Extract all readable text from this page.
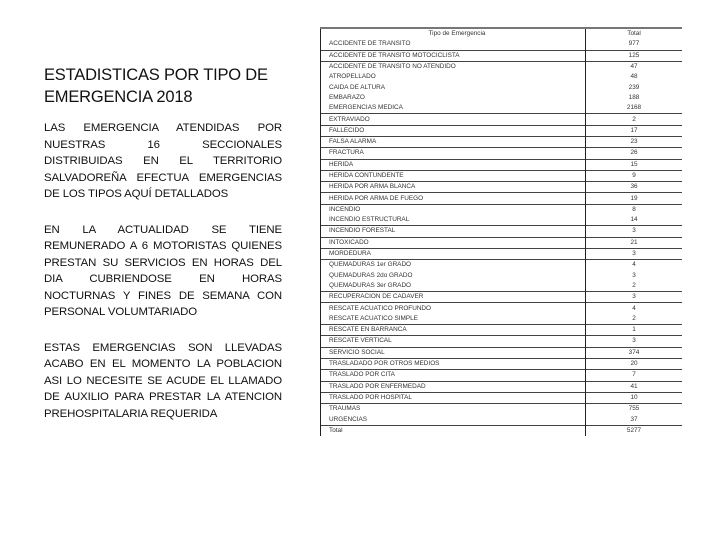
ESTADISTICAS POR TIPO DE EMERGENCIA 2018

LAS EMERGENCIA ATENDIDAS POR NUESTRAS 16 SECCIONALES DISTRIBUIDAS EN EL TERRITORIO SALVADOREÑA EFECTUA EMERGENCIAS DE LOS TIPOS AQUÍ DETALLADOS

EN LA ACTUALIDAD SE TIENE REMUNERADO A 6 MOTORISTAS QUIENES PRESTAN SU SERVICIOS EN HORAS DEL DIA CUBRIENDOSE EN HORAS NOCTURNAS Y FINES DE SEMANA CON PERSONAL VOLUMTARIADO

ESTAS EMERGENCIAS SON LLEVADAS ACABO EN EL MOMENTO LA POBLACION ASI LO NECESITE SE ACUDE EL LLAMADO DE AUXILIO PARA PRESTAR LA ATENCION PREHOSPITALARIA REQUERIDA

Tipo de Emergencia	Total
ACCIDENTE DE TRANSITO	977
ACCIDENTE DE TRANSITO MOTOCICLISTA	125
ACCIDENTE DE TRANSITO NO ATENDIDO	47
ATROPELLADO	48
CAIDA DE ALTURA	239
EMBARAZO	188
EMERGENCIAS MEDICA	2168
EXTRAVIADO	2
FALLECIDO	17
FALSA ALARMA	23
FRACTURA	26
HERIDA	15
HERIDA CONTUNDENTE	9
HERIDA POR ARMA BLANCA	36
HERIDA POR ARMA DE FUEGO	19
INCENDIO	8
INCENDIO ESTRUCTURAL	14
INCENDIO FORESTAL	3
INTOXICADO	21
MORDEDURA	3
QUEMADURAS 1er GRADO	4
QUEMADURAS 2do GRADO	3
QUEMADURAS 3er GRADO	2
RECUPERACION DE CADAVER	3
RESCATE ACUATICO PROFUNDO	4
RESCATE ACUATICO SIMPLE	2
RESCATE EN BARRANCA	1
RESCATE VERTICAL	3
SERVICIO SOCIAL	374
TRASLADADO POR OTROS MEDIOS	20
TRASLADO POR CITA	7
TRASLADO POR ENFERMEDAD	41
TRASLADO POR HOSPITAL	10
TRAUMAS	755
URGENCIAS	37
Total	5277
